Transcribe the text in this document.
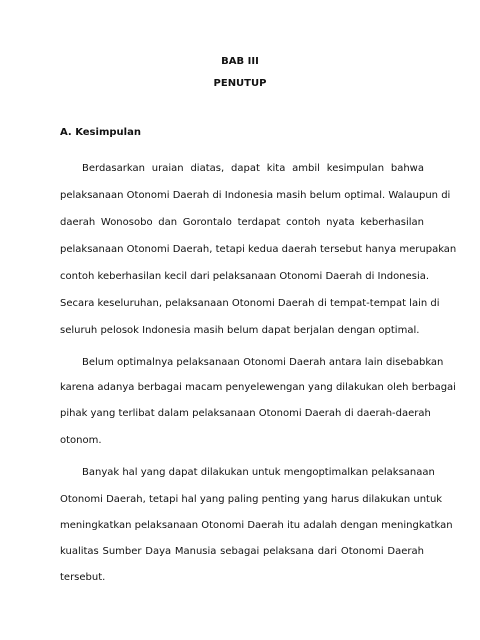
BAB III
PENUTUP
A. Kesimpulan
Berdasarkan uraian diatas, dapat kita ambil kesimpulan bahwa
pelaksanaan Otonomi Daerah di Indonesia masih belum optimal. Walaupun di
daerah Wonosobo dan Gorontalo terdapat contoh nyata keberhasilan
pelaksanaan Otonomi Daerah, tetapi kedua daerah tersebut hanya merupakan
contoh keberhasilan kecil dari pelaksanaan Otonomi Daerah di Indonesia.
Secara keseluruhan, pelaksanaan Otonomi Daerah di tempat-tempat lain di
seluruh pelosok Indonesia masih belum dapat berjalan dengan optimal.
Belum optimalnya pelaksanaan Otonomi Daerah antara lain disebabkan
karena adanya berbagai macam penyelewengan yang dilakukan oleh berbagai
pihak yang terlibat dalam pelaksanaan Otonomi Daerah di daerah-daerah
otonom.
Banyak hal yang dapat dilakukan untuk mengoptimalkan pelaksanaan
Otonomi Daerah, tetapi hal yang paling penting yang harus dilakukan untuk
meningkatkan pelaksanaan Otonomi Daerah itu adalah dengan meningkatkan
kualitas Sumber Daya Manusia sebagai pelaksana dari Otonomi Daerah
tersebut.
